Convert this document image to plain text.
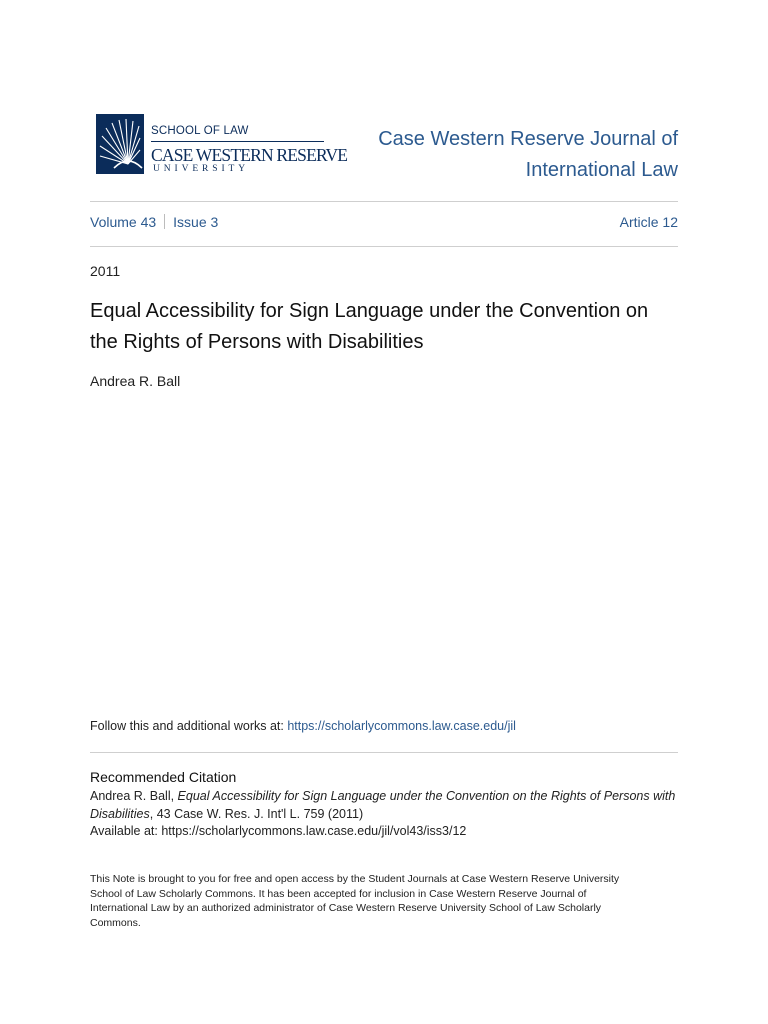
SCHOOL OF LAW
CASE WESTERN RESERVE
UNIVERSITY
Case Western Reserve Journal of
International Law
Volume 43 Issue 3	Article 12
2011
Equal Accessibility for Sign Language under the Convention on
the Rights of Persons with Disabilities
Andrea R. Ball
Follow this and additional works at: https://scholarlycommons.law.case.edu/jil
Recommended Citation
Andrea R. Ball, Equal Accessibility for Sign Language under the Convention on the Rights of Persons with
Disabilities, 43 Case W. Res. J. Int'l L. 759 (2011)
Available at: https://scholarlycommons.law.case.edu/jil/vol43/iss3/12
This Note is brought to you for free and open access by the Student Journals at Case Western Reserve University
School of Law Scholarly Commons. It has been accepted for inclusion in Case Western Reserve Journal of
International Law by an authorized administrator of Case Western Reserve University School of Law Scholarly
Commons.
